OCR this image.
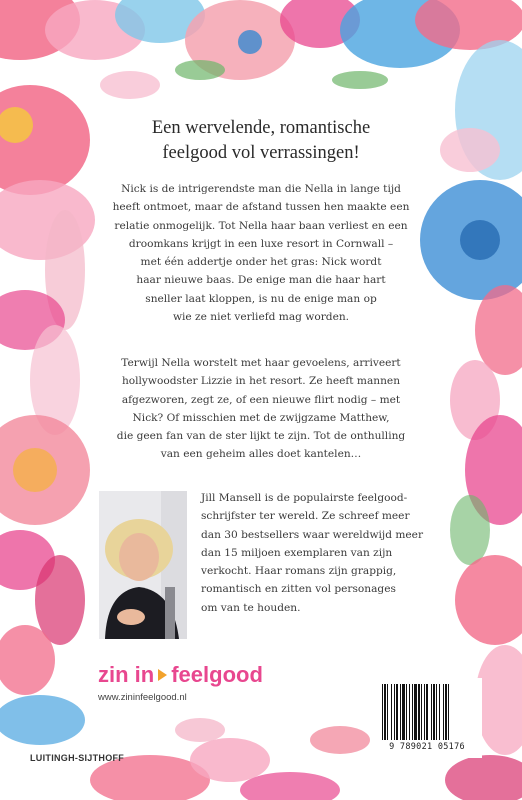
Een wervelende, romantische
feelgood vol verrassingen!
Nick is de intrigerendste man die Nella in lange tijd
heeft ontmoet, maar de afstand tussen hen maakte een
relatie onmogelijk. Tot Nella haar baan verliest en een
droomkans krijgt in een luxe resort in Cornwall –
met één addertje onder het gras: Nick wordt
haar nieuwe baas. De enige man die haar hart
sneller laat kloppen, is nu de enige man op
wie ze niet verliefd mag worden.
Terwijl Nella worstelt met haar gevoelens, arriveert
hollywoodster Lizzie in het resort. Ze heeft mannen
afgezworen, zegt ze, of een nieuwe flirt nodig – met
Nick? Of misschien met de zwijgzame Matthew,
die geen fan van de ster lijkt te zijn. Tot de onthulling
van een geheim alles doet kantelen…
Jill Mansell is de populairste feelgood-
schrijfster ter wereld. Ze schreef meer
dan 30 bestsellers waar wereldwijd meer
dan 15 miljoen exemplaren van zijn
verkocht. Haar romans zijn grappig,
romantisch en zitten vol personages
om van te houden.
zin in feelgood
www.zininfeelgood.nl
LUITINGH-SIJTHOFF
9 789021 05176
